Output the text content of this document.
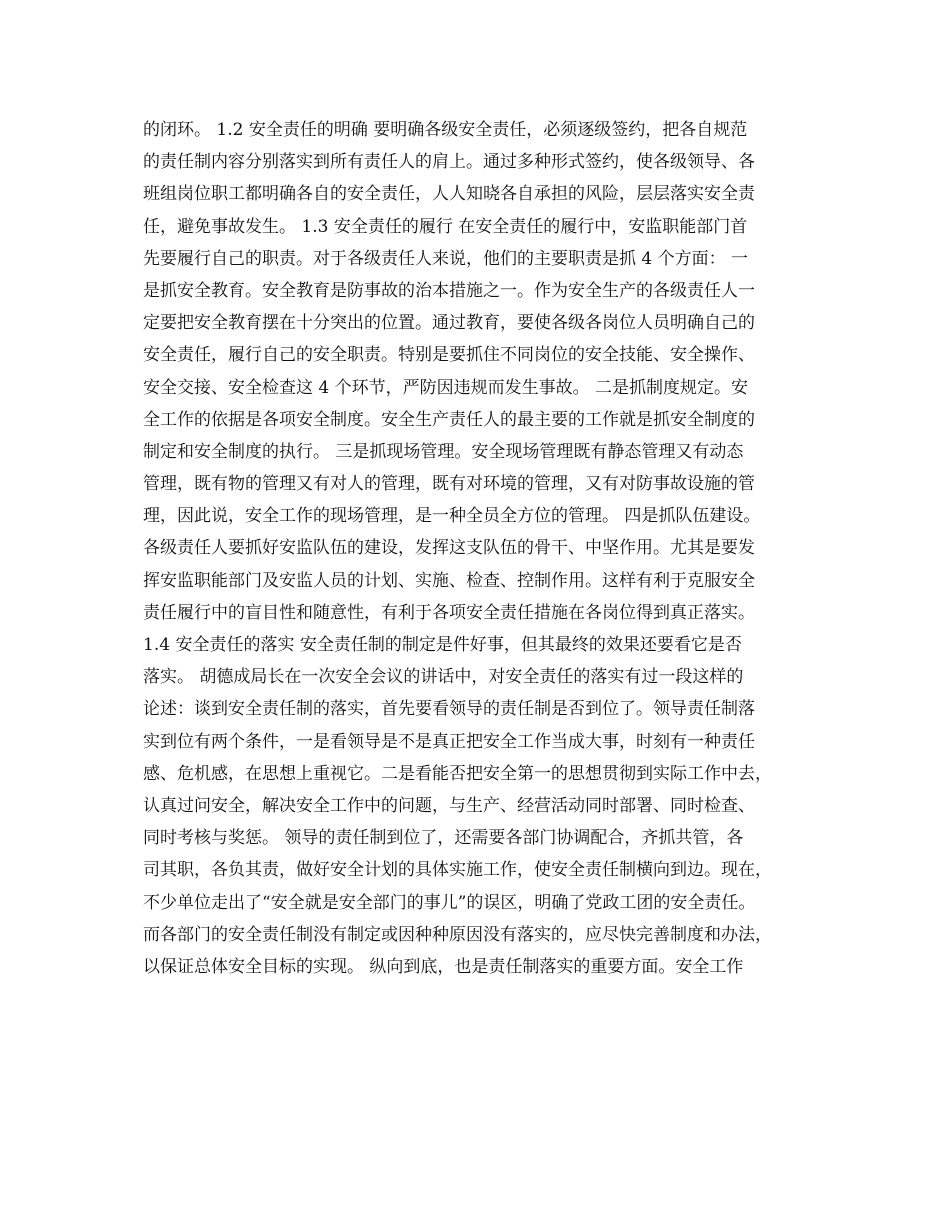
的闭环。 1.2 安全责任的明确 要明确各级安全责任，必须逐级签约，把各自规范
的责任制内容分别落实到所有责任人的肩上。通过多种形式签约，使各级领导、各
班组岗位职工都明确各自的安全责任，人人知晓各自承担的风险，层层落实安全责
任，避免事故发生。 1.3 安全责任的履行 在安全责任的履行中，安监职能部门首
先要履行自己的职责。对于各级责任人来说，他们的主要职责是抓 4 个方面： 一
是抓安全教育。安全教育是防事故的治本措施之一。作为安全生产的各级责任人一
定要把安全教育摆在十分突出的位置。通过教育，要使各级各岗位人员明确自己的
安全责任，履行自己的安全职责。特别是要抓住不同岗位的安全技能、安全操作、
安全交接、安全检查这 4 个环节，严防因违规而发生事故。 二是抓制度规定。安
全工作的依据是各项安全制度。安全生产责任人的最主要的工作就是抓安全制度的
制定和安全制度的执行。 三是抓现场管理。安全现场管理既有静态管理又有动态
管理，既有物的管理又有对人的管理，既有对环境的管理，又有对防事故设施的管
理，因此说，安全工作的现场管理，是一种全员全方位的管理。 四是抓队伍建设。
各级责任人要抓好安监队伍的建设，发挥这支队伍的骨干、中坚作用。尤其是要发
挥安监职能部门及安监人员的计划、实施、检查、控制作用。这样有利于克服安全
责任履行中的盲目性和随意性，有利于各项安全责任措施在各岗位得到真正落实。
1.4 安全责任的落实 安全责任制的制定是件好事，但其最终的效果还要看它是否
落实。 胡德成局长在一次安全会议的讲话中，对安全责任的落实有过一段这样的
论述：谈到安全责任制的落实，首先要看领导的责任制是否到位了。领导责任制落
实到位有两个条件，一是看领导是不是真正把安全工作当成大事，时刻有一种责任
感、危机感，在思想上重视它。二是看能否把安全第一的思想贯彻到实际工作中去，
认真过问安全，解决安全工作中的问题，与生产、经营活动同时部署、同时检查、
同时考核与奖惩。 领导的责任制到位了，还需要各部门协调配合，齐抓共管，各
司其职，各负其责，做好安全计划的具体实施工作，使安全责任制横向到边。现在，
不少单位走出了“安全就是安全部门的事儿”的误区，明确了党政工团的安全责任。
而各部门的安全责任制没有制定或因种种原因没有落实的，应尽快完善制度和办法，
以保证总体安全目标的实现。 纵向到底，也是责任制落实的重要方面。安全工作
